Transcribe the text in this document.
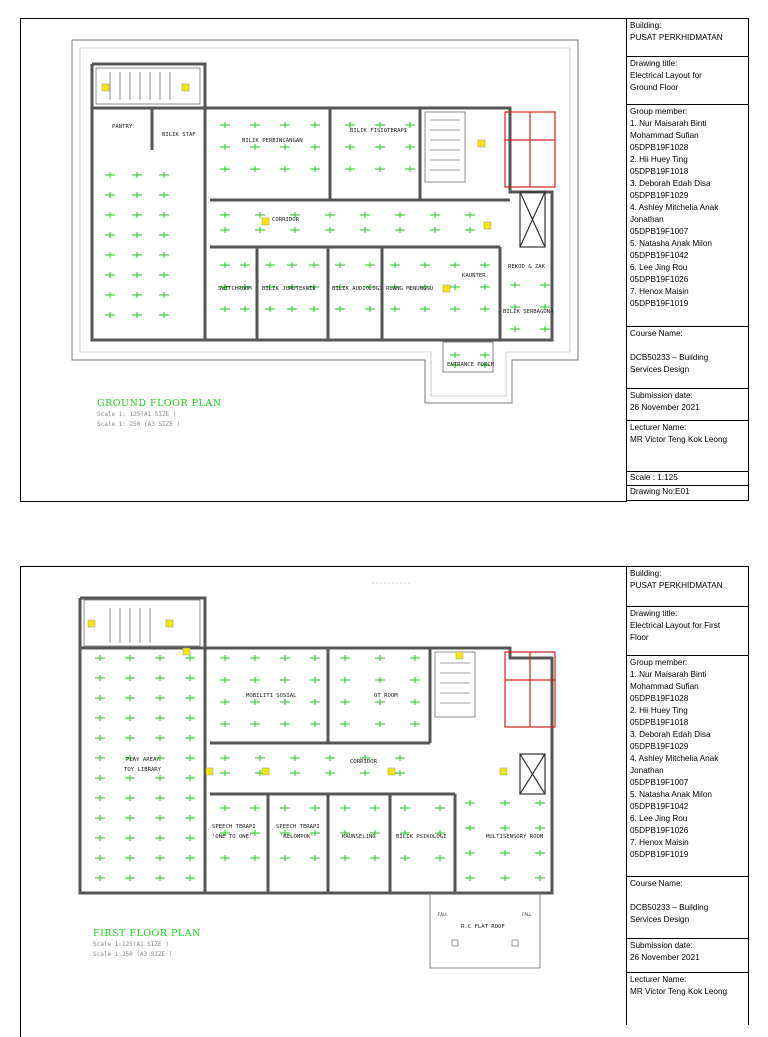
PANTRY
BILIK STAF
BILIK PERBINCANGAN
BILIK FISIOTERAPI
CORRIDOR
SWITCHROOM BILIK JURUTEKNIK	BILIK AUDIOLOGI RUANG MENUNGGU
KAUNTER
REKOD & ZAK
BILIK SERBAGUNA
ENTRANCE PORCH
GROUND FLOOR PLAN
Scale 1: 125(A1 SIZE )
Scale 1: 250 (A3 SIZE )
Building:
PUSAT PERKHIDMATAN
Drawing title:
Electrical Layout for
Ground Floor
Group member:
1. Nur Maisarah Binti
Mohammad Sufian
05DPB19F1028
2. Hii Huey Ting
05DPB19F1018
3. Deborah Edah Disa
05DPB19F1029
4. Ashley Mitchelia Anak
Jonathan
05DPB19F1007
5. Natasha Anak Milon
05DPB19F1042
6. Lee Jing Rou
05DPB19F1026
7. Henox Maisin
05DPB19F1019
Course Name:
DCB50233 – Building
Services Design
Submission date:
26 November 2021
Lecturer Name:
MR Victor Teng Kok Leong
Scale : 1:125
Drawing No:E01
PLAY AREA/
TOY LIBRARY
MOBILITI SOSIAL	OT ROOM
CORRIDOR
SPEECH TERAPI
'ONE TO ONE'
SPEECH TERAPI
'KELOMPOK'	KAUNSELING	BILIK PSIKOLOGI	MULTISENSORY ROOM
R.C FLAT ROOF
FALL	FALL
FIRST FLOOR PLAN
Scale 1:125(A1 SIZE )
Scale 1:250 (A3 SIZE )
Building:
PUSAT PERKHIDMATAN
Drawing title:
Electrical Layout for First
Floor
Group member:
1. Nur Maisarah Binti
Mohammad Sufian
05DPB19F1028
2. Hii Huey Ting
05DPB19F1018
3. Deborah Edah Disa
05DPB19F1029
4. Ashley Mitchelia Anak
Jonathan
05DPB19F1007
5. Natasha Anak Milon
05DPB19F1042
6. Lee Jing Rou
05DPB19F1026
7. Henox Maisin
05DPB19F1019
Course Name:
DCB50233 – Building
Services Design
Submission date:
26 November 2021
Lecturer Name:
MR Victor Teng Kok Leong
